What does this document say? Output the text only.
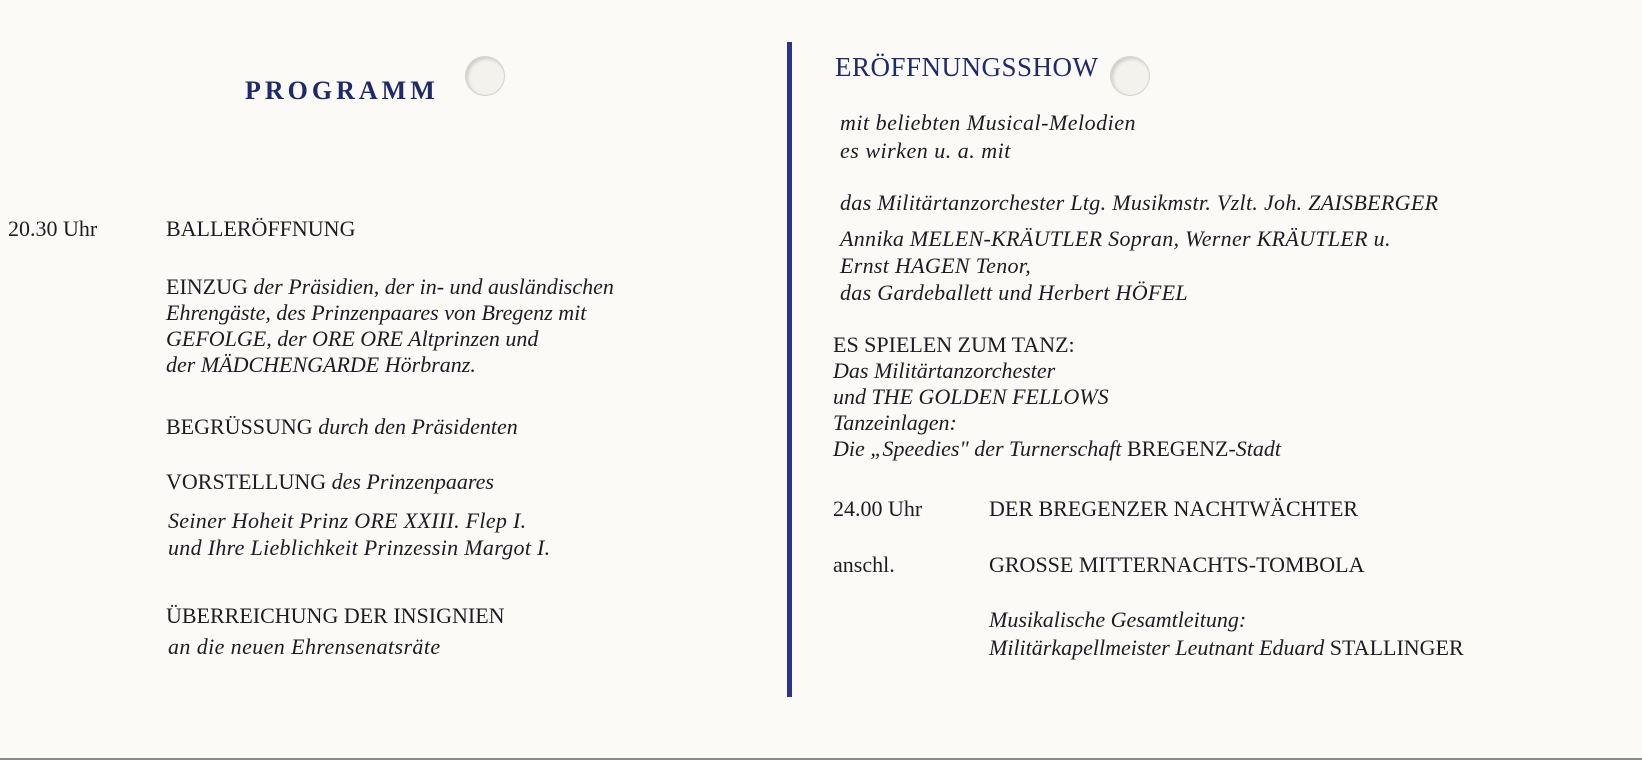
PROGRAMM
20.30 Uhr	BALLERÖFFNUNG
EINZUG der Präsidien, der in- und ausländischen
Ehrengäste, des Prinzenpaares von Bregenz mit
GEFOLGE, der ORE ORE Altprinzen und
der MÄDCHENGARDE Hörbranz.
BEGRÜSSUNG durch den Präsidenten
VORSTELLUNG des Prinzenpaares
Seiner Hoheit Prinz ORE XXIII. Flep I.
und Ihre Lieblichkeit Prinzessin Margot I.
ÜBERREICHUNG DER INSIGNIEN
an die neuen Ehrensenatsräte
ERÖFFNUNGSSHOW
mit beliebten Musical-Melodien
es wirken u. a. mit
das Militärtanzorchester Ltg. Musikmstr. Vzlt. Joh. ZAISBERGER
Annika MELEN-KRÄUTLER Sopran, Werner KRÄUTLER u.
Ernst HAGEN Tenor,
das Gardeballett und Herbert HÖFEL
ES SPIELEN ZUM TANZ:
Das Militärtanzorchester
und THE GOLDEN FELLOWS
Tanzeinlagen:
Die „Speedies" der Turnerschaft BREGENZ-Stadt
24.00 Uhr	DER BREGENZER NACHTWÄCHTER
anschl.	GROSSE MITTERNACHTS-TOMBOLA
Musikalische Gesamtleitung:
Militärkapellmeister Leutnant Eduard STALLINGER
